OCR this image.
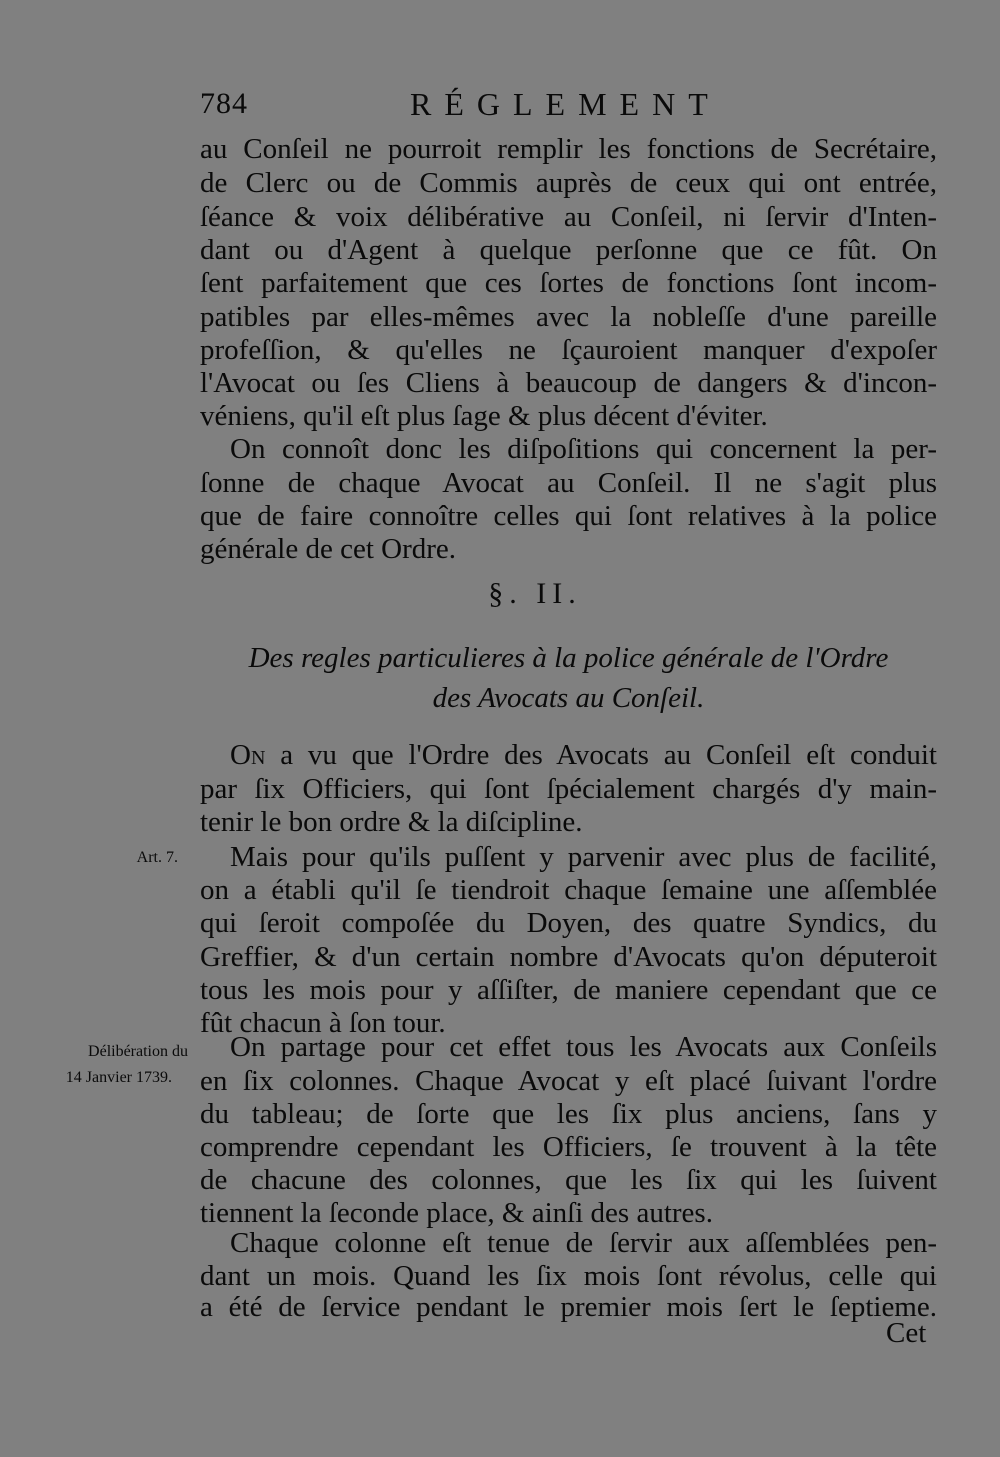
784	RÉGLEMENT
au Conſeil ne pourroit remplir les fonctions de Secrétaire,
de Clerc ou de Commis auprès de ceux qui ont entrée,
ſéance & voix délibérative au Conſeil, ni ſervir d'Inten-
dant ou d'Agent à quelque perſonne que ce fût. On
ſent parfaitement que ces ſortes de fonctions ſont incom-
patibles par elles-mêmes avec la nobleſſe d'une pareille
profeſſion, & qu'elles ne ſçauroient manquer d'expoſer
l'Avocat ou ſes Cliens à beaucoup de dangers & d'incon-
véniens, qu'il eſt plus ſage & plus décent d'éviter.
On connoît donc les diſpoſitions qui concernent la per-
ſonne de chaque Avocat au Conſeil. Il ne s'agit plus
que de faire connoître celles qui ſont relatives à la police
générale de cet Ordre.
§. II.
Des regles particulieres à la police générale de l'Ordre
des Avocats au Conſeil.
On a vu que l'Ordre des Avocats au Conſeil eſt conduit
par ſix Officiers, qui ſont ſpécialement chargés d'y main-
tenir le bon ordre & la diſcipline.
Art. 7. Mais pour qu'ils puſſent y parvenir avec plus de facilité,
on a établi qu'il ſe tiendroit chaque ſemaine une aſſemblée
qui ſeroit compoſée du Doyen, des quatre Syndics, du
Greffier, & d'un certain nombre d'Avocats qu'on députeroit
tous les mois pour y aſſiſter, de maniere cependant que ce
fût chacun à ſon tour.
Délibération du
14 Janvier 1739.
On partage pour cet effet tous les Avocats aux Conſeils
en ſix colonnes. Chaque Avocat y eſt placé ſuivant l'ordre
du tableau; de ſorte que les ſix plus anciens, ſans y
comprendre cependant les Officiers, ſe trouvent à la tête
de chacune des colonnes, que les ſix qui les ſuivent
tiennent la ſeconde place, & ainſi des autres.
Chaque colonne eſt tenue de ſervir aux aſſemblées pen-
dant un mois. Quand les ſix mois ſont révolus, celle qui
a été de ſervice pendant le premier mois ſert le ſeptieme.
Cet
